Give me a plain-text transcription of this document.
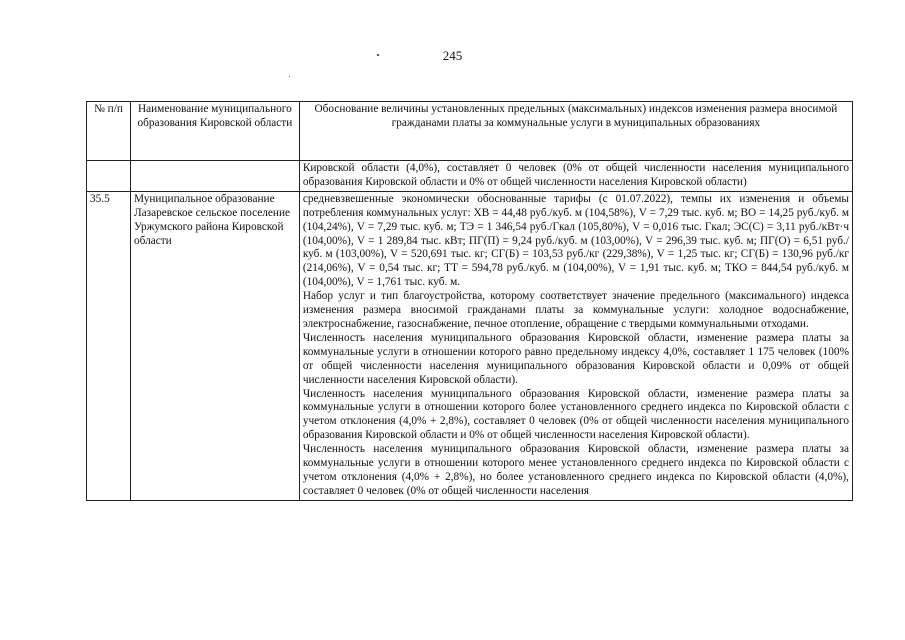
245
№ п/п	Наименование муниципального образования Кировской области	Обоснование величины установленных предельных (максимальных) индексов изменения размера вносимой гражданами платы за коммунальные услуги в муниципальных образованиях
		Кировской области (4,0%), составляет 0 человек (0% от общей численности населения муниципального образования Кировской области и 0% от общей численности населения Кировской области)
35.5	Муниципальное образование Лазаревское сельское поселение Уржумского района Кировской области	средневзвешенные экономически обоснованные тарифы (с 01.07.2022), темпы их изменения и объемы потребления коммунальных услуг: ХВ = 44,48 руб./куб. м (104,58%), V = 7,29 тыс. куб. м; ВО = 14,25 руб./куб. м (104,24%), V = 7,29 тыс. куб. м; ТЭ = 1 346,54 руб./Гкал (105,80%), V = 0,016 тыс. Гкал; ЭС(С) = 3,11 руб./кВт·ч (104,00%), V = 1 289,84 тыс. кВт; ПГ(П) = 9,24 руб./куб. м (103,00%), V = 296,39 тыс. куб. м; ПГ(О) = 6,51 руб./куб. м (103,00%), V = 520,691 тыс. кг; СГ(Б) = 103,53 руб./кг (229,38%), V = 1,25 тыс. кг; СГ(Б) = 130,96 руб./кг (214,06%), V = 0,54 тыс. кг; ТТ = 594,78 руб./куб. м (104,00%), V = 1,91 тыс. куб. м; ТКО = 844,54 руб./куб. м (104,00%), V = 1,761 тыс. куб. м.
Набор услуг и тип благоустройства, которому соответствует значение предельного (максимального) индекса изменения размера вносимой гражданами платы за коммунальные услуги: холодное водоснабжение, электроснабжение, газоснабжение, печное отопление, обращение с твердыми коммунальными отходами.
Численность населения муниципального образования Кировской области, изменение размера платы за коммунальные услуги в отношении которого равно предельному индексу 4,0%, составляет 1 175 человек (100% от общей численности населения муниципального образования Кировской области и 0,09% от общей численности населения Кировской области).
Численность населения муниципального образования Кировской области, изменение размера платы за коммунальные услуги в отношении которого более установленного среднего индекса по Кировской области с учетом отклонения (4,0% + 2,8%), составляет 0 человек (0% от общей численности населения муниципального образования Кировской области и 0% от общей численности населения Кировской области).
Численность населения муниципального образования Кировской области, изменение размера платы за коммунальные услуги в отношении которого менее установленного среднего индекса по Кировской области с учетом отклонения (4,0% + 2,8%), но более установленного среднего индекса по Кировской области (4,0%), составляет 0 человек (0% от общей численности населения
